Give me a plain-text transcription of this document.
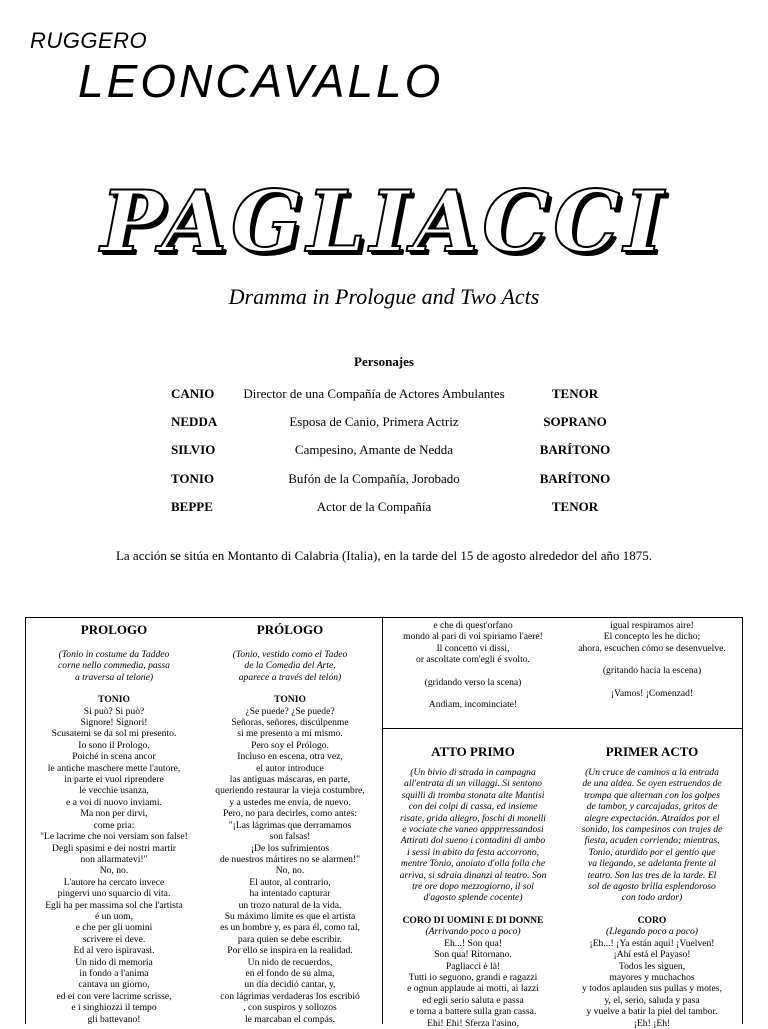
RUGGERO
LEONCAVALLO
PAGLIACCI
Dramma in Prologue and Two Acts
Personajes
CANIO	Director de una Compañía de Actores Ambulantes	TENOR
NEDDA	Esposa de Canio, Primera Actriz	SOPRANO
SILVIO	Campesino, Amante de Nedda	BARÍTONO
TONIO	Bufón de la Compañía, Jorobado	BARÍTONO
BEPPE	Actor de la Compañía	TENOR
La acción se sitúa en Montanto di Calabria (Italia), en la tarde del 15 de agosto alrededor del año 1875.

PROLOGO

(Tonio in costume da Taddeo
corne nello commedia, passa
a traversa al telone)

TONIO

Si può? Si può?
Signore! Signori!
Scusatemi se da sol mi presento.
Io sono il Prologo.
Poiché in scena ancor
le antiche maschere mette l'autore,
in parte ei vuol riprendere
le vecchie usanza,
e a voi di nuovo inviami.
Ma non per dirvi,
come pria:
"Le lacrime che noi versiam son false!
Degli spasimi e dei nostri martir
non allarmatevi!"
No, no.
L'autore ha cercato invece
pingervi uno squarcio di vita.
Egli ha per massima sol che l'artista
é un uom,
e che per gli uomini
scrivere ei deve.
Ed al vero ispiravasi.
Un nido di memoria
in fondo a l'anima
cantava un giorno,
ed ei con vere lacrime scrisse,
e i singhiozzi il tempo
gli battevano!

PRÓLOGO

(Tonio, vestido como el Tadeo
de la Comedia del Arte,
aparece a través del telón)

TONIO

¿Se puede? ¿Se puede?
Señoras, señores, discúlpenme
si me presento a mí mismo.
Pero soy el Prólogo.
Incluso en escena, otra vez,
el autor introduce
las antiguas máscaras, en parte,
queriendo restaurar la vieja costumbre,
y a ustedes me envía, de nuevo.
Pero, no para decirles, como antes:
"¡Las lágrimas que derramamos
son falsas!
¡De los sufrimientos
de nuestros mártires no se alarmen!"
No, no.
El autor, al contrario,
ha intentado capturar
un trozo natural de la vida.
Su máximo límite es que el artista
es un hombre y, es para él, como tal,
para quien se debe escribir.
Por ello se inspira en la realidad.
Un nido de recuerdos,
en el fondo de su alma,
un día decidió cantar, y,
con lágrimas verdaderas los escribió
, con suspiros y sollozos
le marcaban el compás.

e che di quest'orfano
mondo al pari di voi spiriamo l'aere!
Il concetto vi dissi,
or ascoltate com'egli é svolto.

(gridando verso la scena)

Andiam, incominciate!

igual respiramos aire!
El concepto les he dicho;
ahora, escuchen cómo se desenvuelve.

(gritando hacia la escena)

¡Vamos! ¡Comenzad!

ATTO PRIMO

(Un bivio di strada in campagna
all'entrata di un villaggi. Si sentono
squilli di tromba stonata alte Mantisi
con dei colpi di cassa, ed insieme
risate, grida allegro, foschi di monelli
e vociate che vaneo appprressandosi
Attirati dol sueno i contadini di ambo
i sessi in abito da festa accorrono,
mentre Tonio, anoiato d'olla folla che
arriva, si sdraia dinanzi al teatro. Son
tre ore dopo mezzogiorno, il sol
d'agosto splende cocente)

CORO DI UOMINI E DI DONNE

(Arrivando poco a poco)

Eh...! Son qua!
Son qua! Ritornano.
Pagliacci è là!
Tutti io seguono, grandi e ragazzi
e ognun applaude ai motti, ai lazzi
ed egli serio saluta e passa
e torna a battere sulla gran cassa.
Ehi! Ehi! Sferza l'asino,

PRIMER ACTO

(Un cruce de caminos a la entrada
de una aldea. Se oyen estruendos de
trompa que alternan con los golpes
de tambor, y carcajadas, gritos de
alegre expectación. Atraídos por el
sonido, los campesinos con trajes de
fiesta, acuden corriendo; mientras,
Tonio, aturdido por el gentío que
va llegando, se adelanta frente al
teatro. Son las tres de la tarde. El
sol de agosto brilla esplendoroso
con todo ardor)

CORO

(Llegando poco a poco)

¡Eh...! ¡Ya están aquí! ¡Vuelven!
¡Ahí está el Payaso!
Todos les siguen,
mayores y muchachos
y todos aplauden sus pullas y motes,
y, el, serio, saluda y pasa
y vuelve a batir la piel del tambor.
¡Eh! ¡Eh!
